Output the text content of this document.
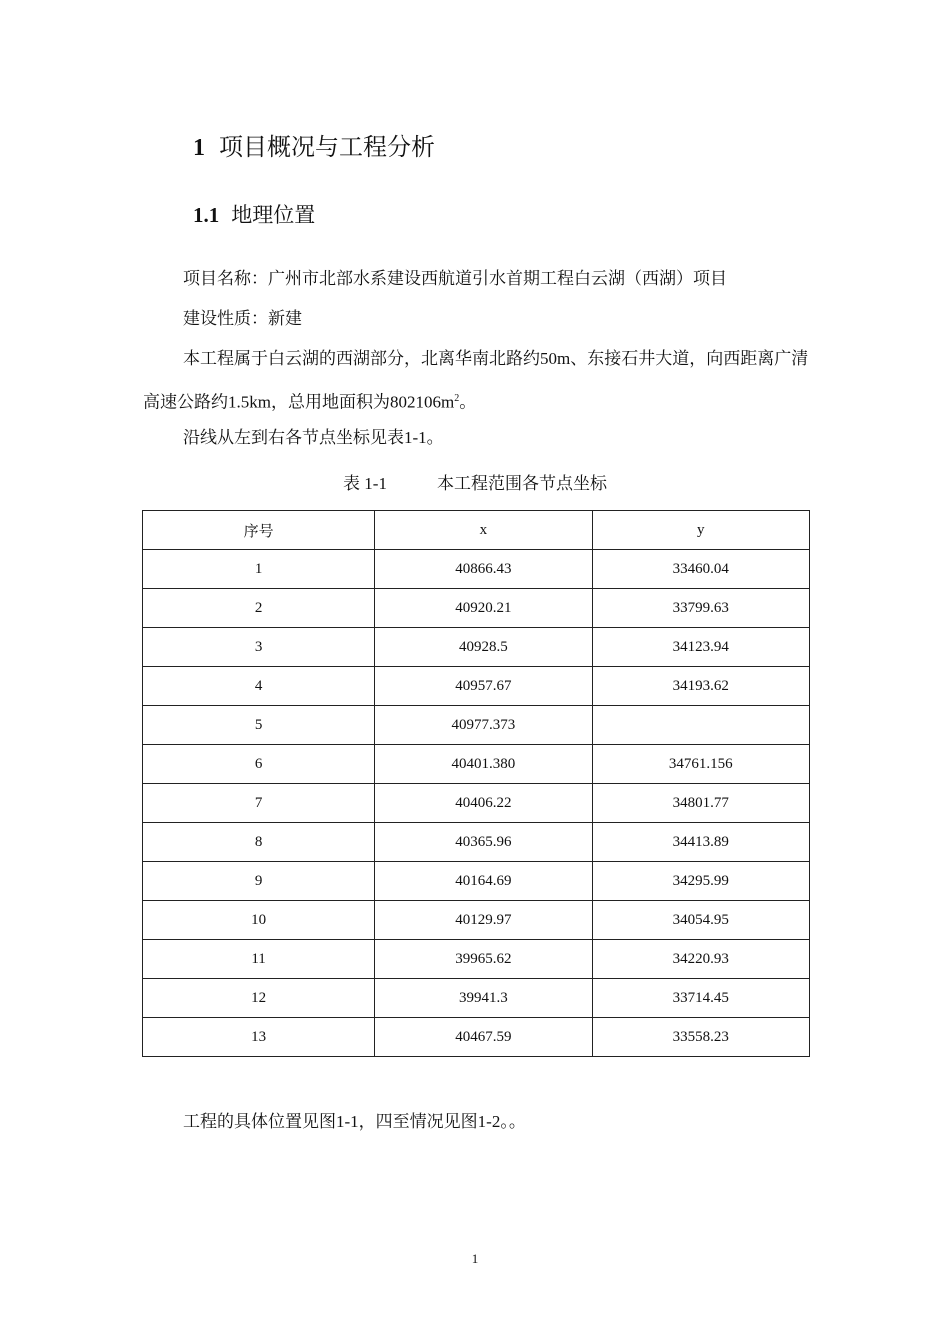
1 项目概况与工程分析
1.1 地理位置
项目名称：广州市北部水系建设西航道引水首期工程白云湖（西湖）项目
建设性质：新建
本工程属于白云湖的西湖部分，北离华南北路约50m、东接石井大道，向西距离广清高速公路约1.5km，总用地面积为$802106m^2$。
沿线从左到右各节点坐标见表1-1。
表 1-1	本工程范围各节点坐标
序号	x	y
1	40866.43	33460.04
2	40920.21	33799.63
3	40928.5	34123.94
4	40957.67	34193.62
5	40977.373	
6	40401.380	34761.156
7	40406.22	34801.77
8	40365.96	34413.89
9	40164.69	34295.99
10	40129.97	34054.95
11	39965.62	34220.93
12	39941.3	33714.45
13	40467.59	33558.23
工程的具体位置见图1-1，四至情况见图1-2。。
1
